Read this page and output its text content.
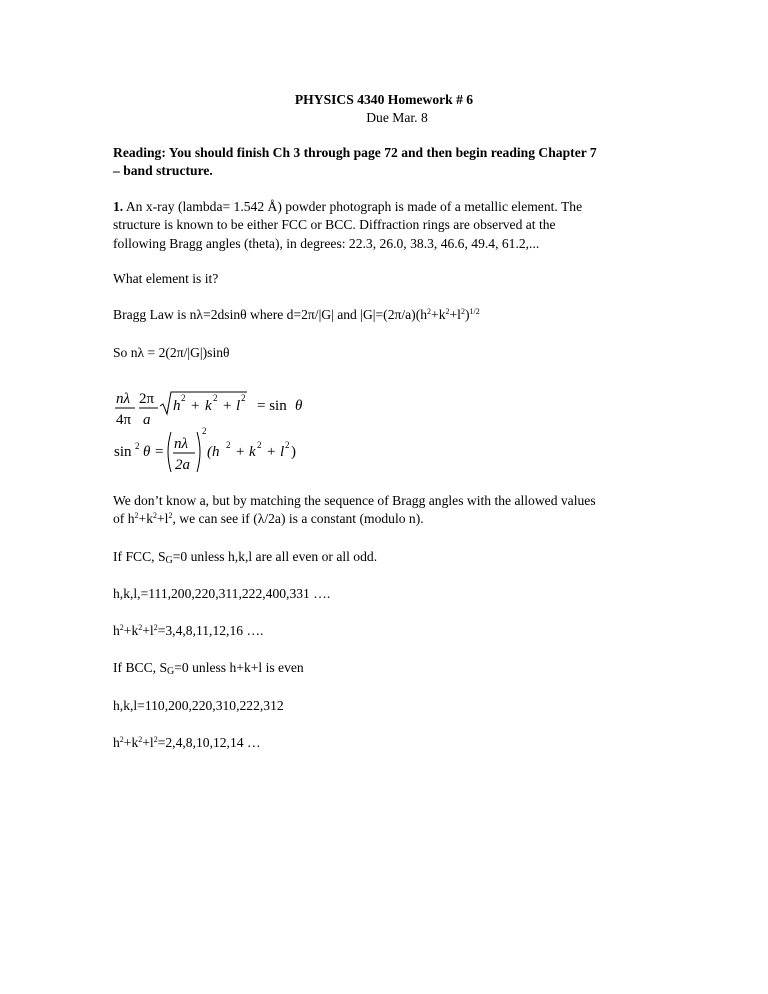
PHYSICS 4340 Homework # 6
Due Mar. 8
Reading: You should finish Ch 3 through page 72 and then begin reading Chapter 7
– band structure.
1. An x-ray (lambda= 1.542 Å) powder photograph is made of a metallic element. The
structure is known to be either FCC or BCC. Diffraction rings are observed at the
following Bragg angles (theta), in degrees: 22.3, 26.0, 38.3, 46.6, 49.4, 61.2,...
What element is it?
Bragg Law is nλ=2dsinθ where d=2π/|G| and $|G|=(2\pi/a)(h^2+k^2+l^2)^{1/2}$
So nλ = 2(2π/|G|)sinθ
nλ 2π
4π a
h 2 + k 2 + l 2 = sin θ
sin 2 θ = nλ
2a
2
(h 2 + k 2 + l 2 )
We don’t know a, but by matching the sequence of Bragg angles with the allowed values
of $h^2+k^2+l^2$, we can see if (λ/2a) is a constant (modulo n).
If FCC, $S_G=0$ unless h,k,l are all even or all odd.
h,k,l,=111,200,220,311,222,400,331 ….
$h^2+k^2+l^2=3,4,8,11,12,16$ ….
If BCC, $S_G=0$ unless h+k+l is even
h,k,l=110,200,220,310,222,312
$h^2+k^2+l^2=2,4,8,10,12,14$ …
